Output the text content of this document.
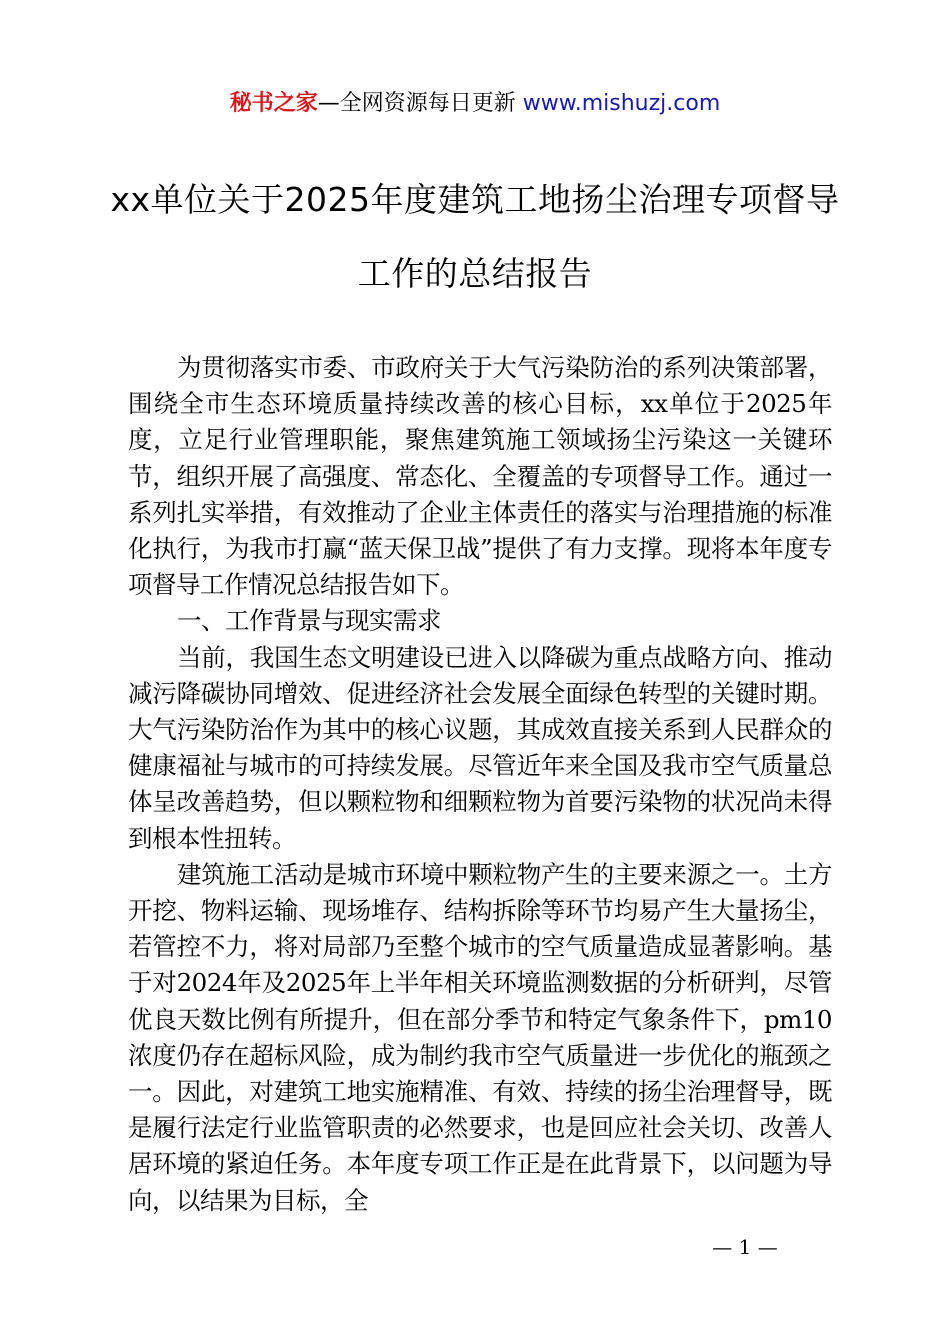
秘书之家—全网资源每日更新 www.mishuzj.com
xx单位关于2025年度建筑工地扬尘治理专项督导工作的总结报告

为贯彻落实市委、市政府关于大气污染防治的系列决策部署，围绕全市生态环境质量持续改善的核心目标，xx单位于2025年度，立足行业管理职能，聚焦建筑施工领域扬尘污染这一关键环节，组织开展了高强度、常态化、全覆盖的专项督导工作。通过一系列扎实举措，有效推动了企业主体责任的落实与治理措施的标准化执行，为我市打赢“蓝天保卫战”提供了有力支撑。现将本年度专项督导工作情况总结报告如下。

一、工作背景与现实需求

当前，我国生态文明建设已进入以降碳为重点战略方向、推动减污降碳协同增效、促进经济社会发展全面绿色转型的关键时期。大气污染防治作为其中的核心议题，其成效直接关系到人民群众的健康福祉与城市的可持续发展。尽管近年来全国及我市空气质量总体呈改善趋势，但以颗粒物和细颗粒物为首要污染物的状况尚未得到根本性扭转。

建筑施工活动是城市环境中颗粒物产生的主要来源之一。土方开挖、物料运输、现场堆存、结构拆除等环节均易产生大量扬尘，若管控不力，将对局部乃至整个城市的空气质量造成显著影响。基于对2024年及2025年上半年相关环境监测数据的分析研判，尽管优良天数比例有所提升，但在部分季节和特定气象条件下，pm10浓度仍存在超标风险，成为制约我市空气质量进一步优化的瓶颈之一。因此，对建筑工地实施精准、有效、持续的扬尘治理督导，既是履行法定行业监管职责的必然要求，也是回应社会关切、改善人居环境的紧迫任务。本年度专项工作正是在此背景下，以问题为导向，以结果为目标，全

— 1 —
